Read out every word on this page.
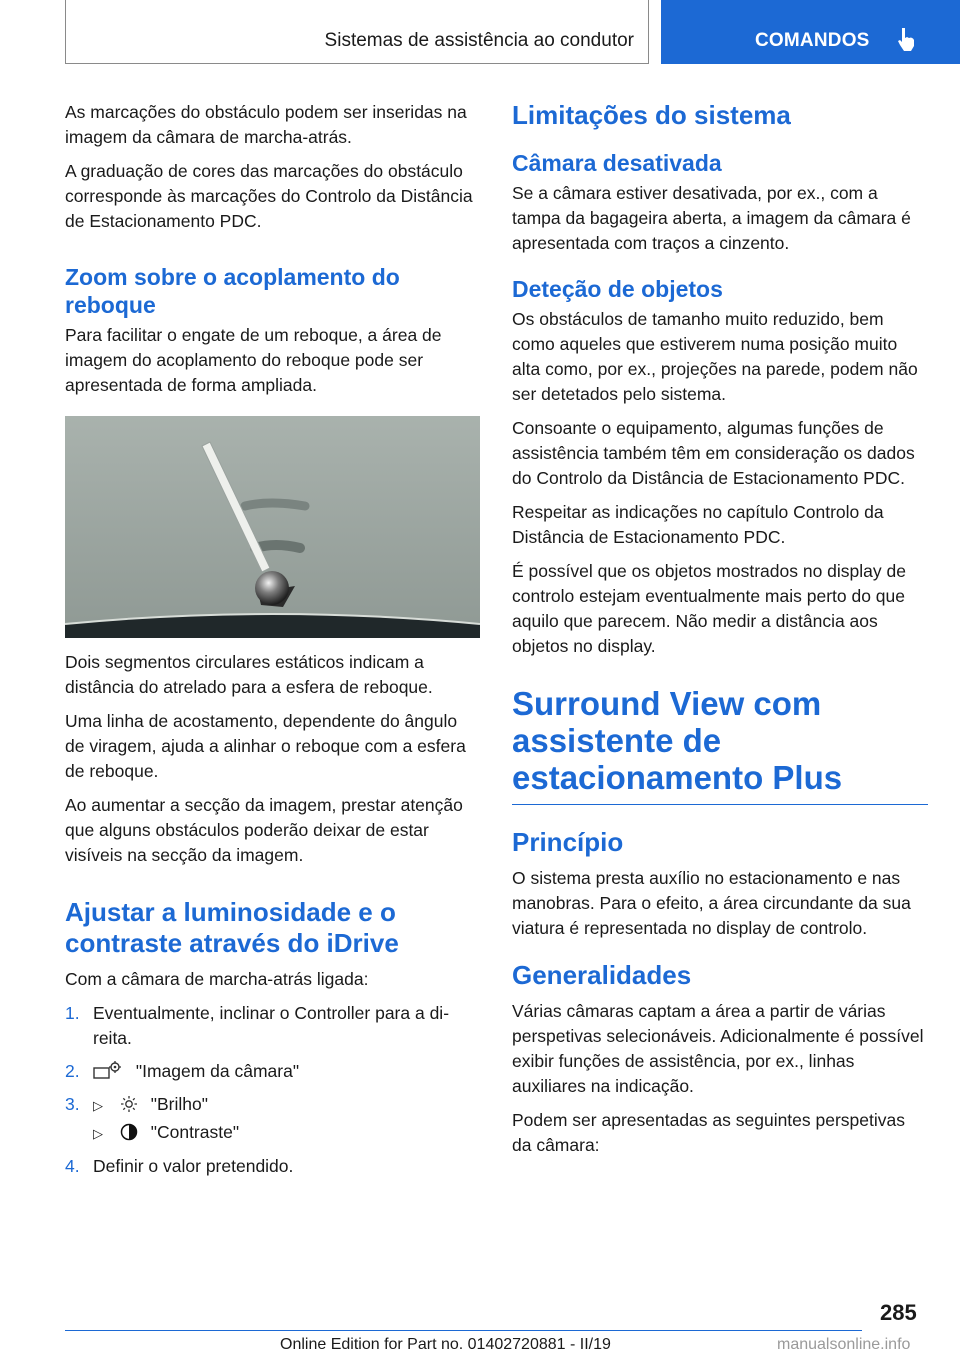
Sistemas de assistência ao condutor	COMANDOS

As marcações do obstáculo podem ser inseridas na imagem da câmara de marcha-atrás.

A graduação de cores das marcações do obstáculo corresponde às marcações do Controlo da Distância de Estacionamento PDC.

Zoom sobre o acoplamento do reboque

Para facilitar o engate de um reboque, a área de imagem do acoplamento do reboque pode ser apresentada de forma ampliada.

Dois segmentos circulares estáticos indicam a distância do atrelado para a esfera de reboque.

Uma linha de acostamento, dependente do ângulo de viragem, ajuda a alinhar o reboque com a esfera de reboque.

Ao aumentar a secção da imagem, prestar atenção que alguns obstáculos poderão deixar de estar visíveis na secção da imagem.

Ajustar a luminosidade e o contraste através do iDrive

Com a câmara de marcha-atrás ligada:

1. Eventualmente, inclinar o Controller para a direita.
2.	"Imagem da câmara"
3. ▷	"Brilho"
▷	"Contraste"
4. Definir o valor pretendido.
Limitações do sistema
Câmara desativada

Se a câmara estiver desativada, por ex., com a tampa da bagageira aberta, a imagem da câmara é apresentada com traços a cinzento.

Deteção de objetos

Os obstáculos de tamanho muito reduzido, bem como aqueles que estiverem numa posição muito alta como, por ex., projeções na parede, podem não ser detetados pelo sistema.

Consoante o equipamento, algumas funções de assistência também têm em consideração os dados do Controlo da Distância de Estacionamento PDC.

Respeitar as indicações no capítulo Controlo da Distância de Estacionamento PDC.

É possível que os objetos mostrados no display de controlo estejam eventualmente mais perto do que aquilo que parecem. Não medir a distância aos objetos no display.

Surround View com assistente de estacionamento Plus
Princípio

O sistema presta auxílio no estacionamento e nas manobras. Para o efeito, a área circundante da sua viatura é representada no display de controlo.

Generalidades

Várias câmaras captam a área a partir de várias perspetivas selecionáveis. Adicionalmente é possível exibir funções de assistência, por ex., linhas auxiliares na indicação.

Podem ser apresentadas as seguintes perspetivas da câmara:

285
Online Edition for Part no. 01402720881 - II/19	manualsonline.info
